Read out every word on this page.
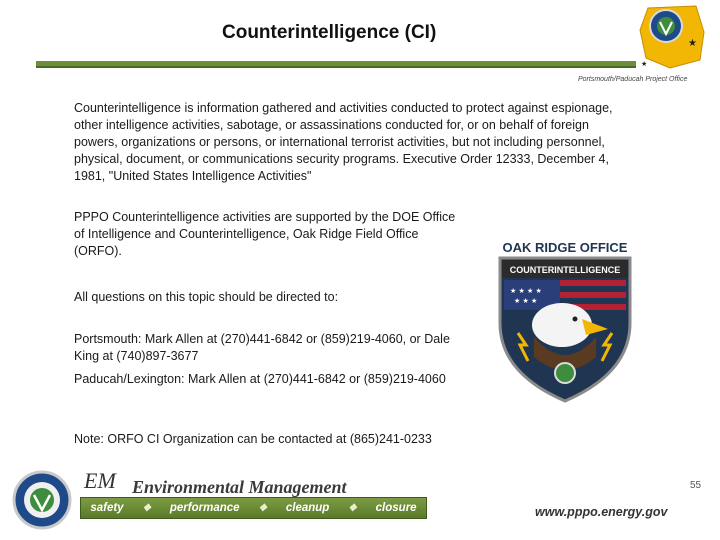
Counterintelligence (CI)
★
★
Portsmouth/Paducah Project Office
Counterintelligence is information gathered and activities conducted to protect against espionage, other intelligence activities, sabotage, or assassinations conducted for, or on behalf of foreign powers, organizations or persons, or international terrorist activities, but not including personnel, physical, document, or communications security programs. Executive Order 12333, December 4, 1981, "United States Intelligence Activities"
PPPO Counterintelligence activities are supported by the DOE Office of Intelligence and Counterintelligence, Oak Ridge Field Office (ORFO).
All questions on this topic should be directed to:
Portsmouth: Mark Allen at (270)441-6842 or (859)219-4060, or Dale King at (740)897-3677
Paducah/Lexington: Mark Allen at (270)441-6842 or (859)219-4060
Note: ORFO CI Organization can be contacted at (865)241-0233
OAK RIDGE OFFICE
COUNTERINTELLIGENCE
★ ★ ★ ★
★ ★ ★
EM Environmental Management
safety ❖ performance ❖ cleanup ❖ closure	www.pppo.energy.gov
55
